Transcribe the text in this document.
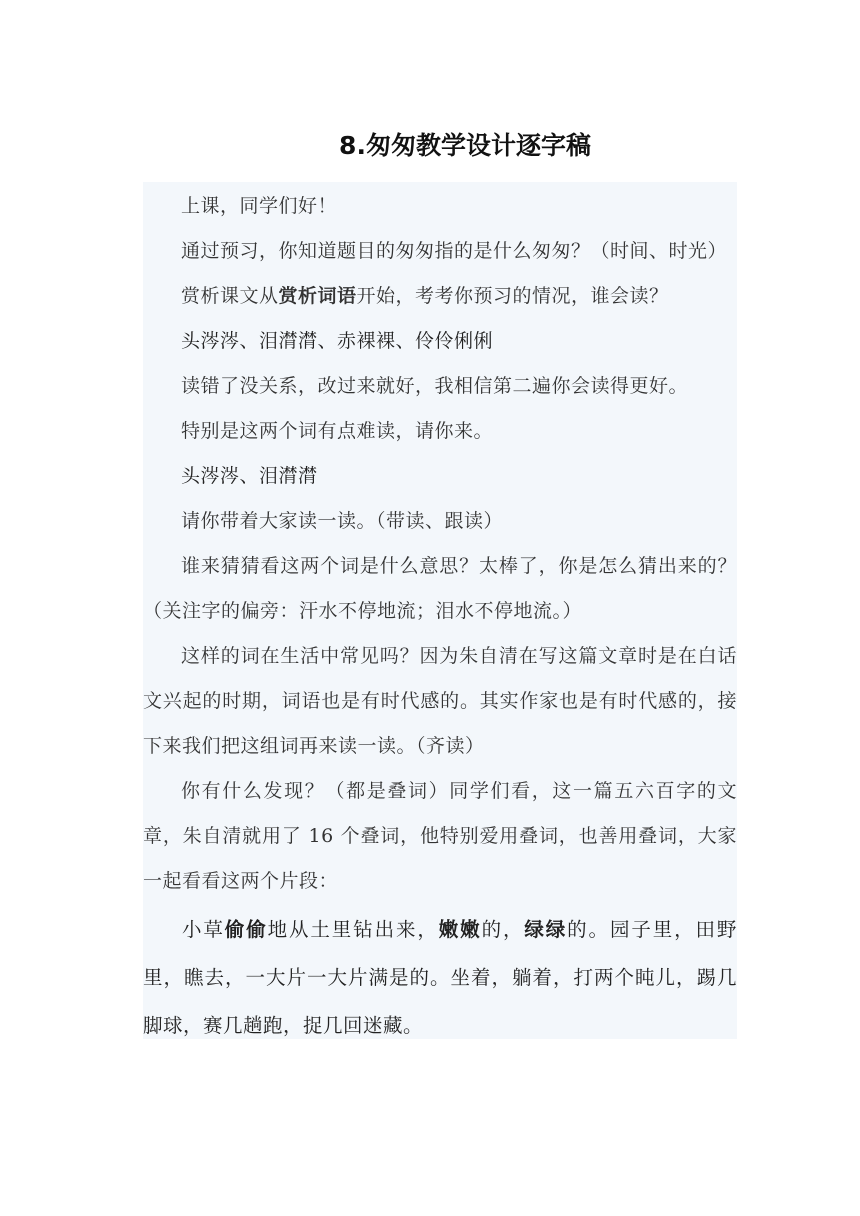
8.匆匆教学设计逐字稿

上课，同学们好！

通过预习，你知道题目的匆匆指的是什么匆匆？（时间、时光）

赏析课文从赏析词语开始，考考你预习的情况，谁会读？

头涔涔、泪潸潸、赤裸裸、伶伶俐俐

读错了没关系，改过来就好，我相信第二遍你会读得更好。

特别是这两个词有点难读，请你来。

头涔涔、泪潸潸

请你带着大家读一读。（带读、跟读）

谁来猜猜看这两个词是什么意思？太棒了，你是怎么猜出来的？（关注字的偏旁：汗水不停地流；泪水不停地流。）

这样的词在生活中常见吗？因为朱自清在写这篇文章时是在白话文兴起的时期，词语也是有时代感的。其实作家也是有时代感的，接下来我们把这组词再来读一读。（齐读）

你有什么发现？（都是叠词）同学们看，这一篇五六百字的文章，朱自清就用了 16 个叠词，他特别爱用叠词，也善用叠词，大家一起看看这两个片段：

小草偷偷地从土里钻出来，嫩嫩的，绿绿的。园子里，田野里，瞧去，一大片一大片满是的。坐着，躺着，打两个盹儿，踢几脚球，赛几趟跑，捉几回迷藏。
